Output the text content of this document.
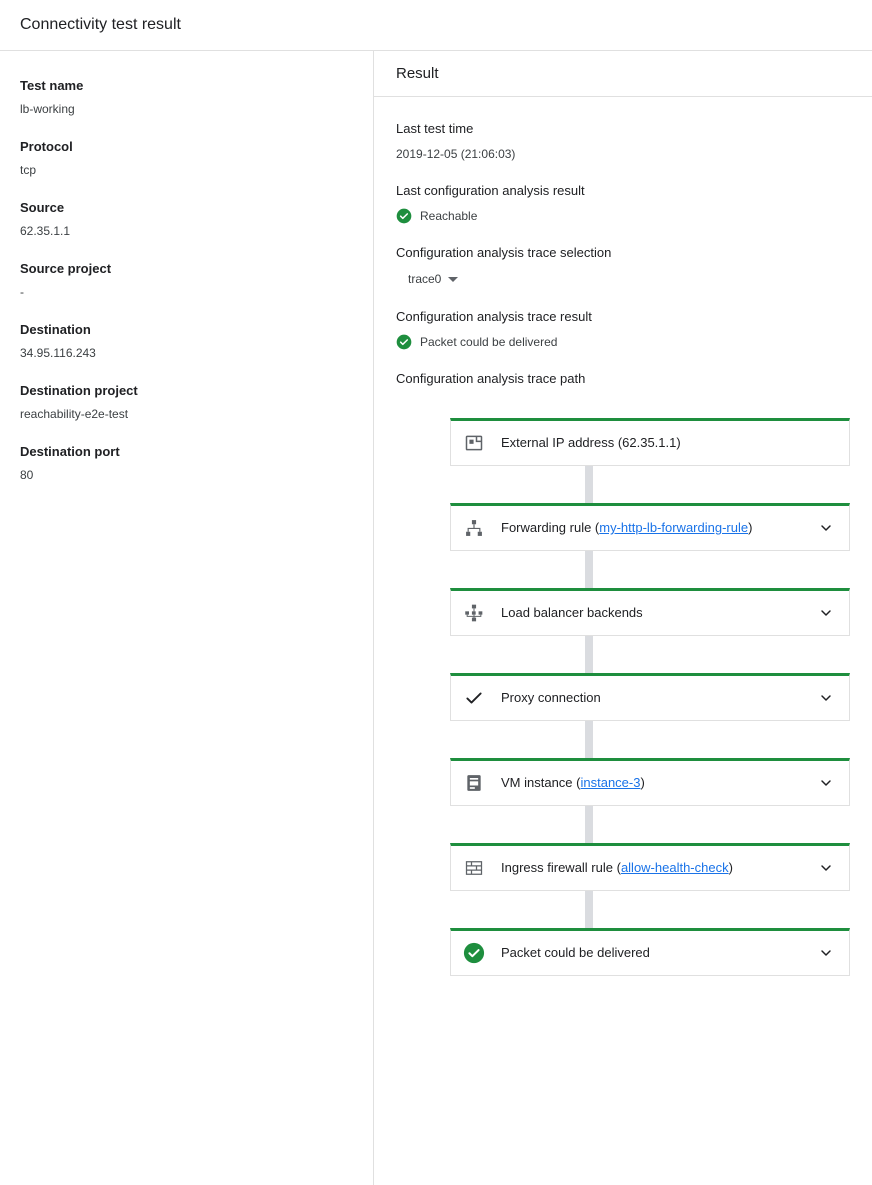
Connectivity test result
Test name
lb-working
Protocol
tcp
Source
62.35.1.1
Source project
-
Destination
34.95.116.243
Destination project
reachability-e2e-test
Destination port
80
Result
Last test time
2019-12-05 (21:06:03)
Last configuration analysis result
Reachable
Configuration analysis trace selection
trace0
Configuration analysis trace result
Packet could be delivered
Configuration analysis trace path
External IP address (62.35.1.1)
Forwarding rule (my-http-lb-forwarding-rule)
Load balancer backends
Proxy connection
VM instance (instance-3)
Ingress firewall rule (allow-health-check)
Packet could be delivered
